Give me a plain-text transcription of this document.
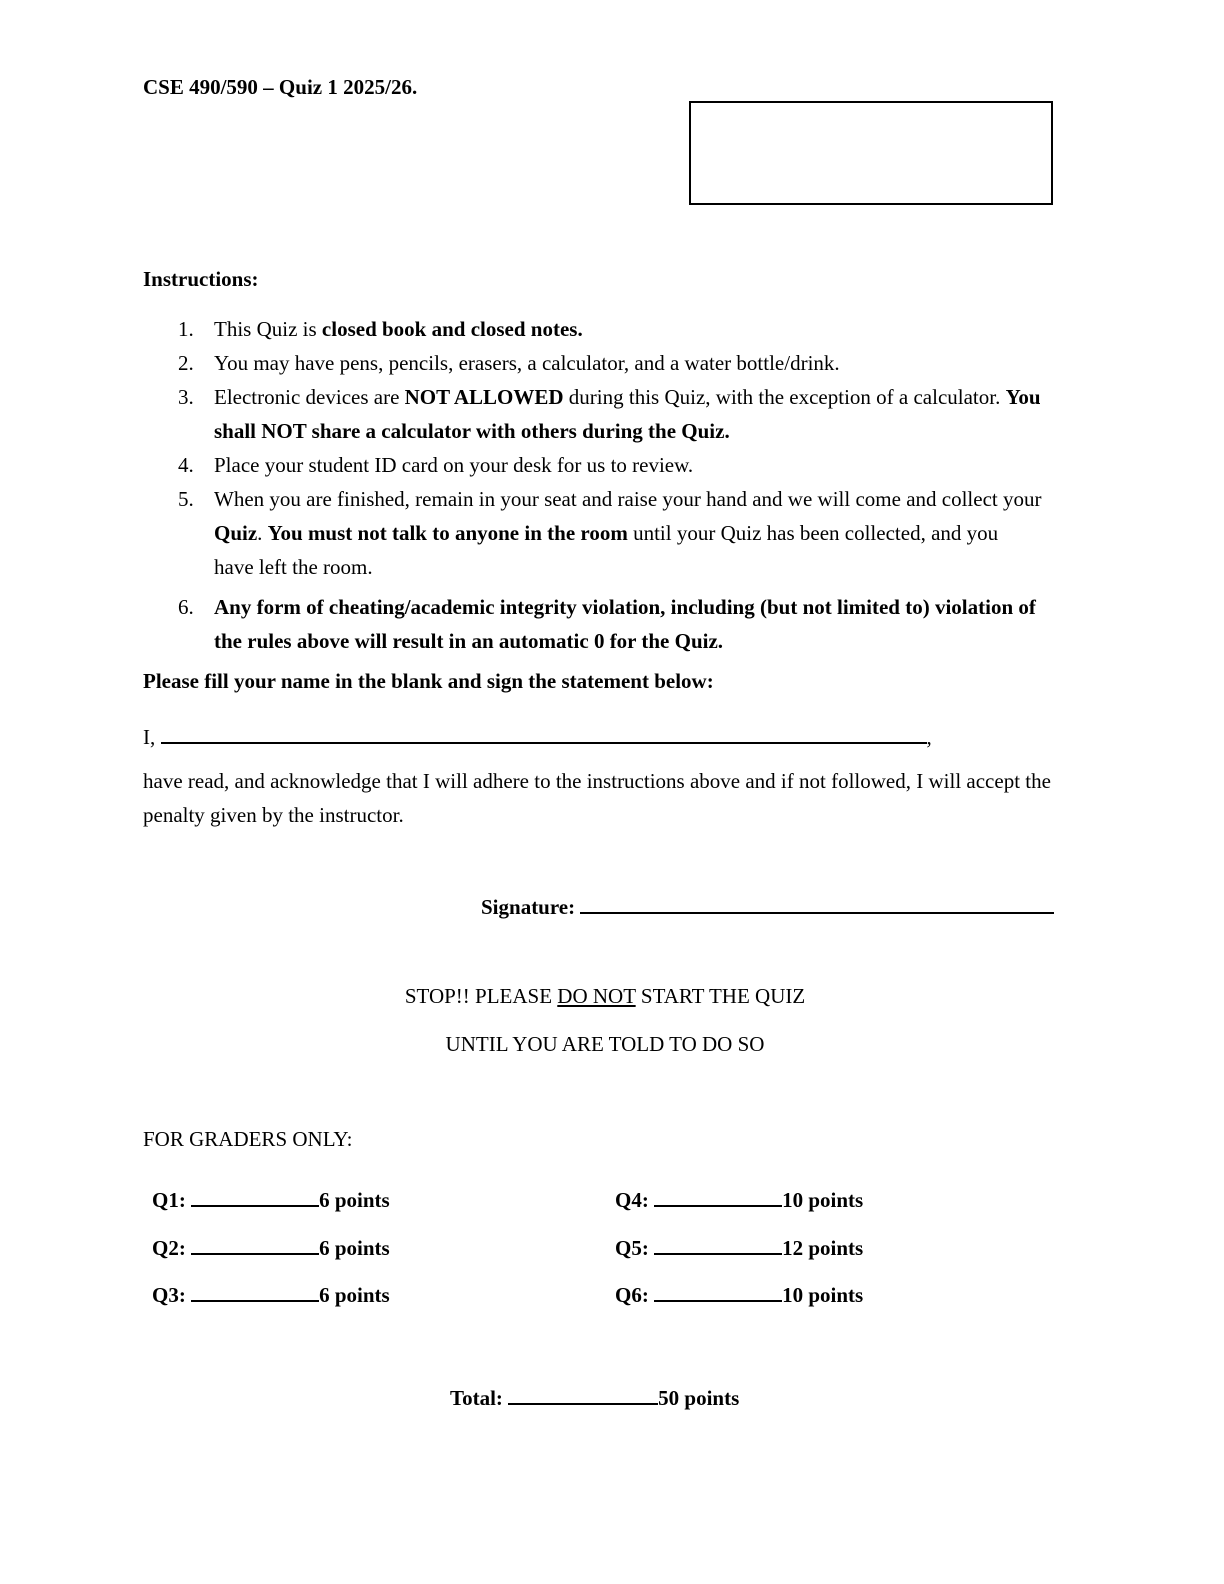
CSE 490/590 – Quiz 1 2025/26.
Instructions:
1. This Quiz is closed book and closed notes.
2. You may have pens, pencils, erasers, a calculator, and a water bottle/drink.
3. Electronic devices are NOT ALLOWED during this Quiz, with the exception of a calculator. You shall NOT share a calculator with others during the Quiz.
4. Place your student ID card on your desk for us to review.
5. When you are finished, remain in your seat and raise your hand and we will come and collect your Quiz. You must not talk to anyone in the room until your Quiz has been collected, and you have left the room.
6. Any form of cheating/academic integrity violation, including (but not limited to) violation of the rules above will result in an automatic 0 for the Quiz.
Please fill your name in the blank and sign the statement below:
I,	,
have read, and acknowledge that I will adhere to the instructions above and if not followed, I will accept the penalty given by the instructor.
Signature:
STOP!! PLEASE DO NOT START THE QUIZ
UNTIL YOU ARE TOLD TO DO SO
FOR GRADERS ONLY:
Q1:	6 points
Q2:	6 points
Q3:	6 points
Q4:	10 points
Q5:	12 points
Q6:	10 points
Total:	50 points
